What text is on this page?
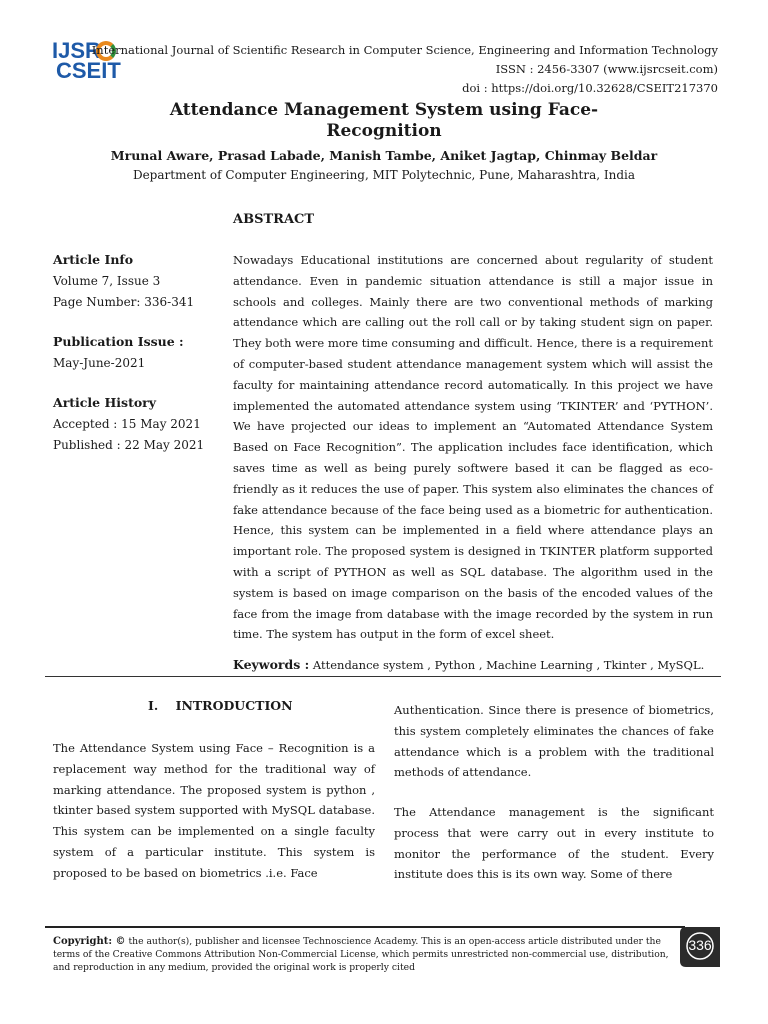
IJSR
CSEIT
International Journal of Scientific Research in Computer Science, Engineering and Information Technology
ISSN : 2456-3307 (www.ijsrcseit.com)
doi : https://doi.org/10.32628/CSEIT217370
Attendance Management System using Face-
Recognition
Mrunal Aware, Prasad Labade, Manish Tambe, Aniket Jagtap, Chinmay Beldar
Department of Computer Engineering, MIT Polytechnic, Pune, Maharashtra, India
ABSTRACT
Article Info
Volume 7, Issue 3
Page Number: 336-341
Publication Issue :
May-June-2021
Article History
Accepted : 15 May 2021
Published : 22 May 2021
Nowadays Educational institutions are concerned about regularity of student attendance. Even in pandemic situation attendance is still a major issue in schools and colleges. Mainly there are two conventional methods of marking attendance which are calling out the roll call or by taking student sign on paper. They both were more time consuming and difficult. Hence, there is a requirement of computer-based student attendance management system which will assist the faculty for maintaining attendance record automatically. In this project we have implemented the automated attendance system using ‘TKINTER’ and ‘PYTHON’. We have projected our ideas to implement an “Automated Attendance System Based on Face Recognition”. The application includes face identification, which saves time as well as being purely softwere based it can be flagged as eco-friendly as it reduces the use of paper. This system also eliminates the chances of fake attendance because of the face being used as a biometric for authentication. Hence, this system can be implemented in a field where attendance plays an important role. The proposed system is designed in TKINTER platform supported with a script of PYTHON as well as SQL database. The algorithm used in the system is based on image comparison on the basis of the encoded values of the face from the image from database with the image recorded by the system in run time. The system has output in the form of excel sheet.
Keywords : Attendance system , Python , Machine Learning , Tkinter , MySQL.
I.    INTRODUCTION
The Attendance System using Face – Recognition is a replacement way method for the traditional way of marking attendance. The proposed system is python , tkinter based system supported with MySQL database. This system can be implemented on a single faculty system of a particular institute. This system is proposed to be based on biometrics .i.e. Face
Authentication. Since there is presence of biometrics, this system completely eliminates the chances of fake attendance which is a problem with the traditional methods of attendance.
The Attendance management is the significant process that were carry out in every institute to monitor the performance of the student. Every institute does this is its own way. Some of there
Copyright: © the author(s), publisher and licensee Technoscience Academy. This is an open-access article distributed under the terms of the Creative Commons Attribution Non-Commercial License, which permits unrestricted non-commercial use, distribution, and reproduction in any medium, provided the original work is properly cited
336
